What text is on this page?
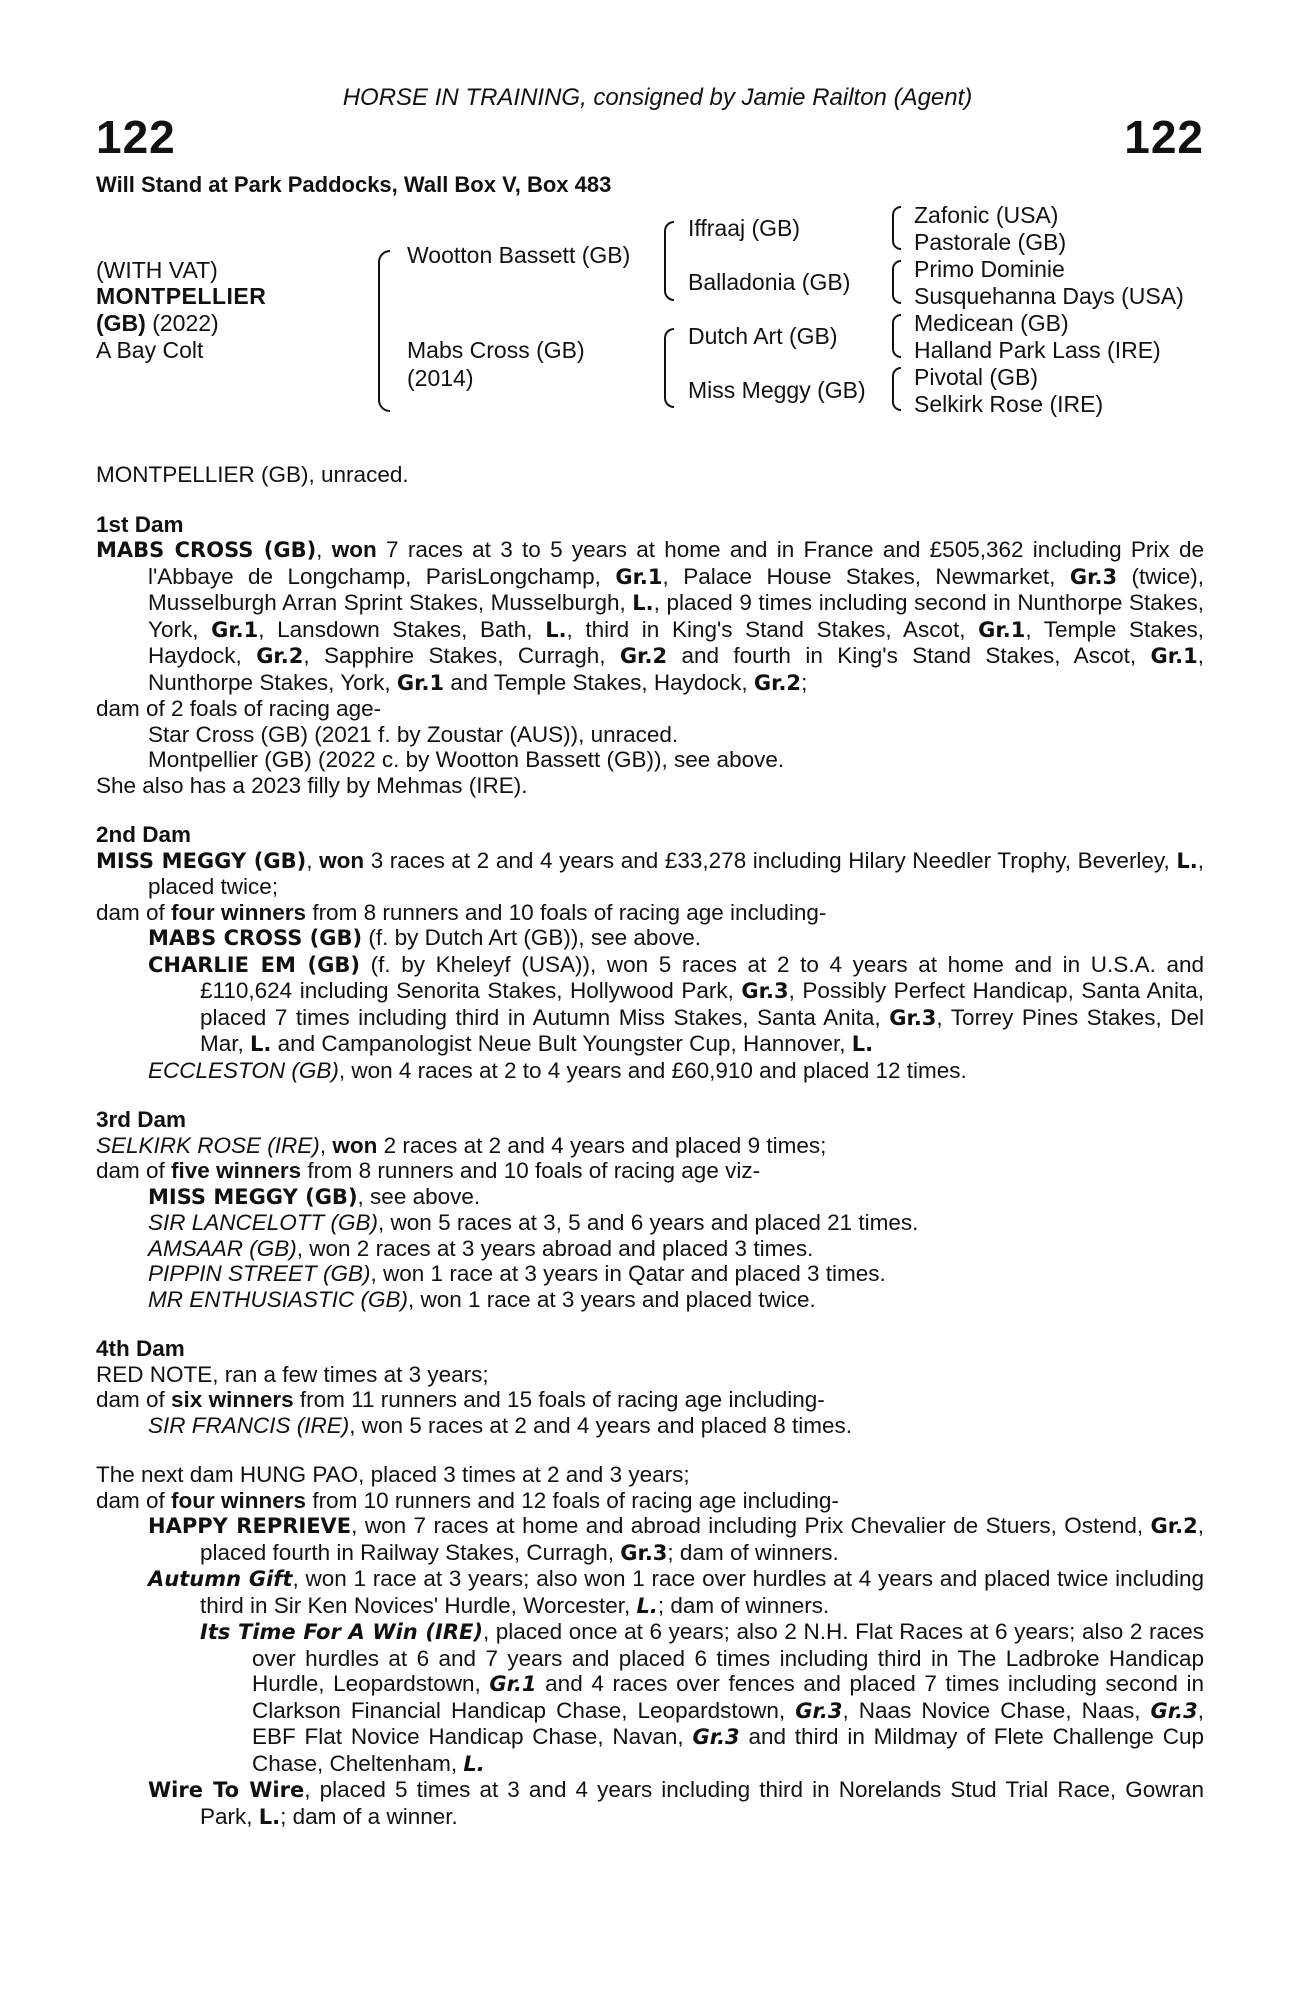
HORSE IN TRAINING, consigned by Jamie Railton (Agent)
122	122
Will Stand at Park Paddocks, Wall Box V, Box 483
(WITH VAT)
MONTPELLIER
(GB) (2022)
A Bay Colt
Wootton Bassett (GB)
Mabs Cross (GB)
(2014)
Iffraaj (GB)
Balladonia (GB)
Dutch Art (GB)
Miss Meggy (GB)
Zafonic (USA)
Pastorale (GB)
Primo Dominie
Susquehanna Days (USA)
Medicean (GB)
Halland Park Lass (IRE)
Pivotal (GB)
Selkirk Rose (IRE)

MONTPELLIER (GB), unraced.

1st Dam

MABS CROSS (GB), won 7 races at 3 to 5 years at home and in France and £505,362 including Prix de l'Abbaye de Longchamp, ParisLongchamp, Gr.1, Palace House Stakes, Newmarket, Gr.3 (twice), Musselburgh Arran Sprint Stakes, Musselburgh, L., placed 9 times including second in Nunthorpe Stakes, York, Gr.1, Lansdown Stakes, Bath, L., third in King's Stand Stakes, Ascot, Gr.1, Temple Stakes, Haydock, Gr.2, Sapphire Stakes, Curragh, Gr.2 and fourth in King's Stand Stakes, Ascot, Gr.1, Nunthorpe Stakes, York, Gr.1 and Temple Stakes, Haydock, Gr.2;

dam of 2 foals of racing age-

Star Cross (GB) (2021 f. by Zoustar (AUS)), unraced.

Montpellier (GB) (2022 c. by Wootton Bassett (GB)), see above.

She also has a 2023 filly by Mehmas (IRE).

2nd Dam

MISS MEGGY (GB), won 3 races at 2 and 4 years and £33,278 including Hilary Needler Trophy, Beverley, L., placed twice;

dam of four winners from 8 runners and 10 foals of racing age including-

MABS CROSS (GB) (f. by Dutch Art (GB)), see above.

CHARLIE EM (GB) (f. by Kheleyf (USA)), won 5 races at 2 to 4 years at home and in U.S.A. and £110,624 including Senorita Stakes, Hollywood Park, Gr.3, Possibly Perfect Handicap, Santa Anita, placed 7 times including third in Autumn Miss Stakes, Santa Anita, Gr.3, Torrey Pines Stakes, Del Mar, L. and Campanologist Neue Bult Youngster Cup, Hannover, L.

ECCLESTON (GB), won 4 races at 2 to 4 years and £60,910 and placed 12 times.

3rd Dam

SELKIRK ROSE (IRE), won 2 races at 2 and 4 years and placed 9 times;

dam of five winners from 8 runners and 10 foals of racing age viz-

MISS MEGGY (GB), see above.

SIR LANCELOTT (GB), won 5 races at 3, 5 and 6 years and placed 21 times.

AMSAAR (GB), won 2 races at 3 years abroad and placed 3 times.

PIPPIN STREET (GB), won 1 race at 3 years in Qatar and placed 3 times.

MR ENTHUSIASTIC (GB), won 1 race at 3 years and placed twice.

4th Dam

RED NOTE, ran a few times at 3 years;

dam of six winners from 11 runners and 15 foals of racing age including-

SIR FRANCIS (IRE), won 5 races at 2 and 4 years and placed 8 times.

The next dam HUNG PAO, placed 3 times at 2 and 3 years;

dam of four winners from 10 runners and 12 foals of racing age including-

HAPPY REPRIEVE, won 7 races at home and abroad including Prix Chevalier de Stuers, Ostend, Gr.2, placed fourth in Railway Stakes, Curragh, Gr.3; dam of winners.

Autumn Gift, won 1 race at 3 years; also won 1 race over hurdles at 4 years and placed twice including third in Sir Ken Novices' Hurdle, Worcester, L.; dam of winners.

Its Time For A Win (IRE), placed once at 6 years; also 2 N.H. Flat Races at 6 years; also 2 races over hurdles at 6 and 7 years and placed 6 times including third in The Ladbroke Handicap Hurdle, Leopardstown, Gr.1 and 4 races over fences and placed 7 times including second in Clarkson Financial Handicap Chase, Leopardstown, Gr.3, Naas Novice Chase, Naas, Gr.3, EBF Flat Novice Handicap Chase, Navan, Gr.3 and third in Mildmay of Flete Challenge Cup Chase, Cheltenham, L.

Wire To Wire, placed 5 times at 3 and 4 years including third in Norelands Stud Trial Race, Gowran Park, L.; dam of a winner.
